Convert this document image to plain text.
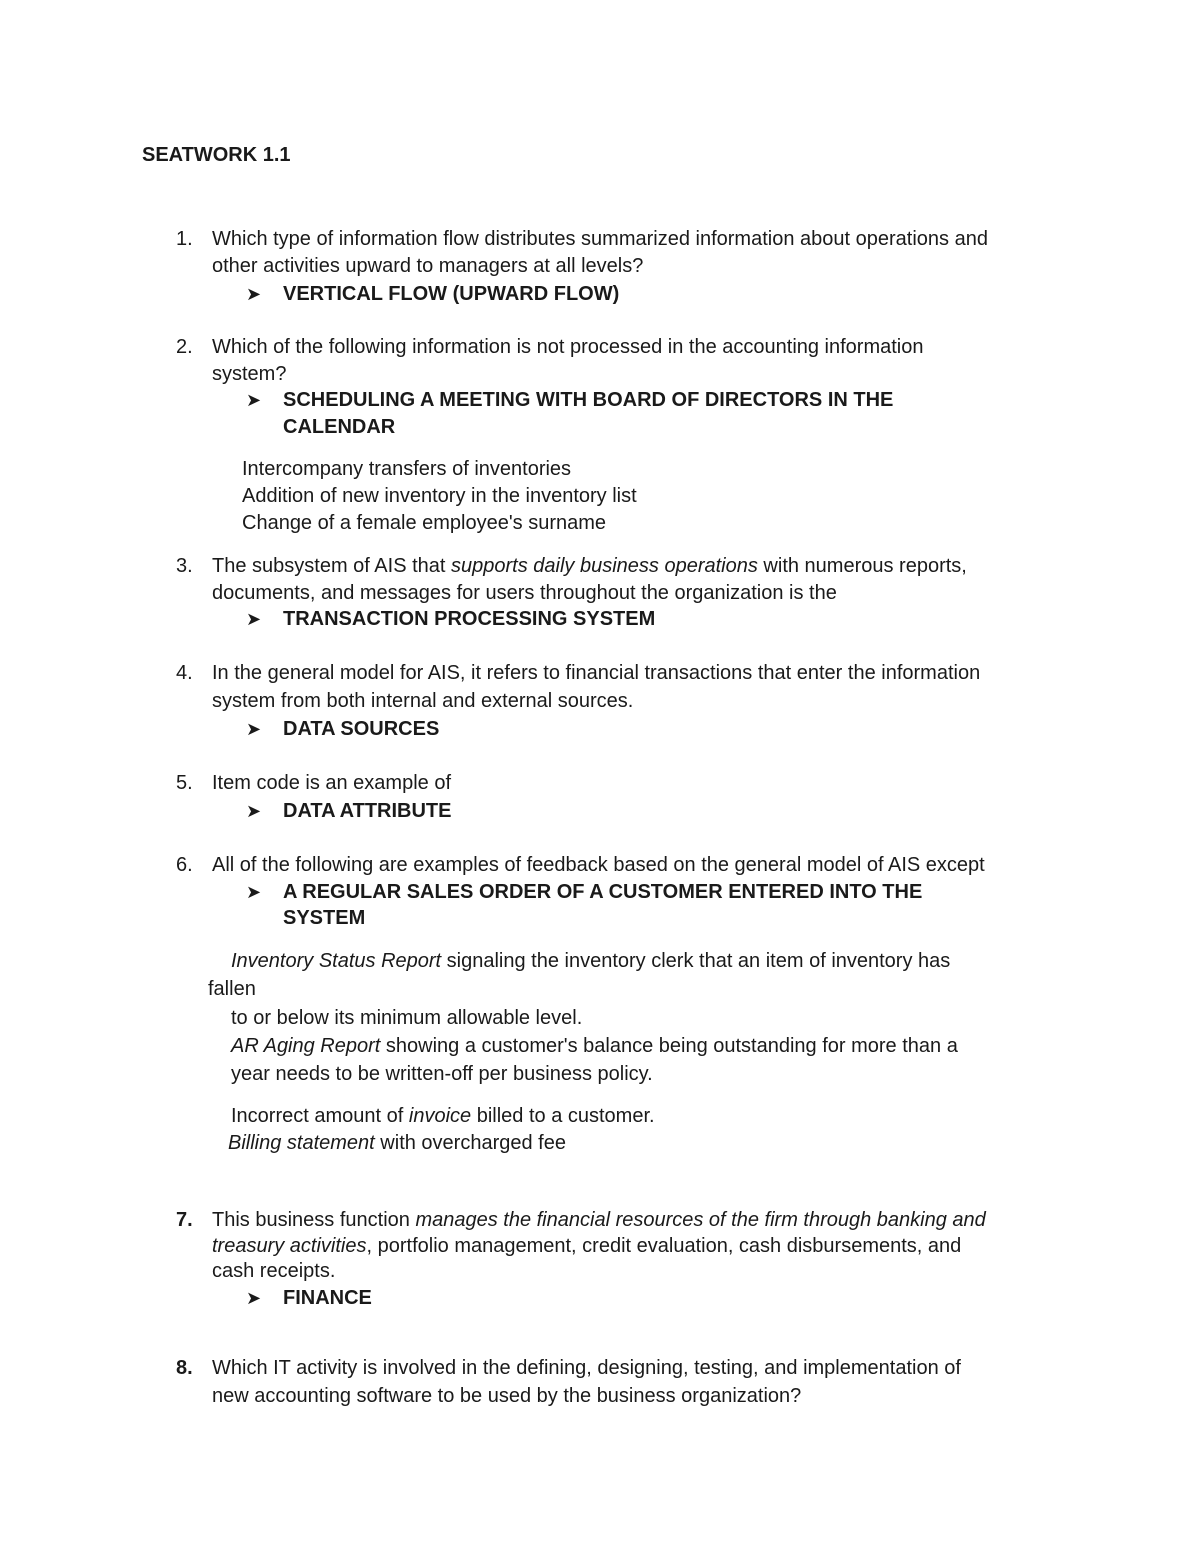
SEATWORK 1.1
1. Which type of information flow distributes summarized information about operations and
other activities upward to managers at all levels?
➤ VERTICAL FLOW (UPWARD FLOW)
2. Which of the following information is not processed in the accounting information
system?
➤ SCHEDULING A MEETING WITH BOARD OF DIRECTORS IN THE
CALENDAR
Intercompany transfers of inventories
Addition of new inventory in the inventory list
Change of a female employee's surname
3. The subsystem of AIS that supports daily business operations with numerous reports,
documents, and messages for users throughout the organization is the
➤ TRANSACTION PROCESSING SYSTEM
4. In the general model for AIS, it refers to financial transactions that enter the information
system from both internal and external sources.
➤ DATA SOURCES
5. Item code is an example of
➤ DATA ATTRIBUTE
6. All of the following are examples of feedback based on the general model of AIS except
➤ A REGULAR SALES ORDER OF A CUSTOMER ENTERED INTO THE
SYSTEM
Inventory Status Report signaling the inventory clerk that an item of inventory has
fallen
to or below its minimum allowable level.
AR Aging Report showing a customer's balance being outstanding for more than a
year needs to be written-off per business policy.
Incorrect amount of invoice billed to a customer.
Billing statement with overcharged fee
7. This business function manages the financial resources of the firm through banking and
treasury activities, portfolio management, credit evaluation, cash disbursements, and
cash receipts.
➤ FINANCE
8. Which IT activity is involved in the defining, designing, testing, and implementation of
new accounting software to be used by the business organization?
